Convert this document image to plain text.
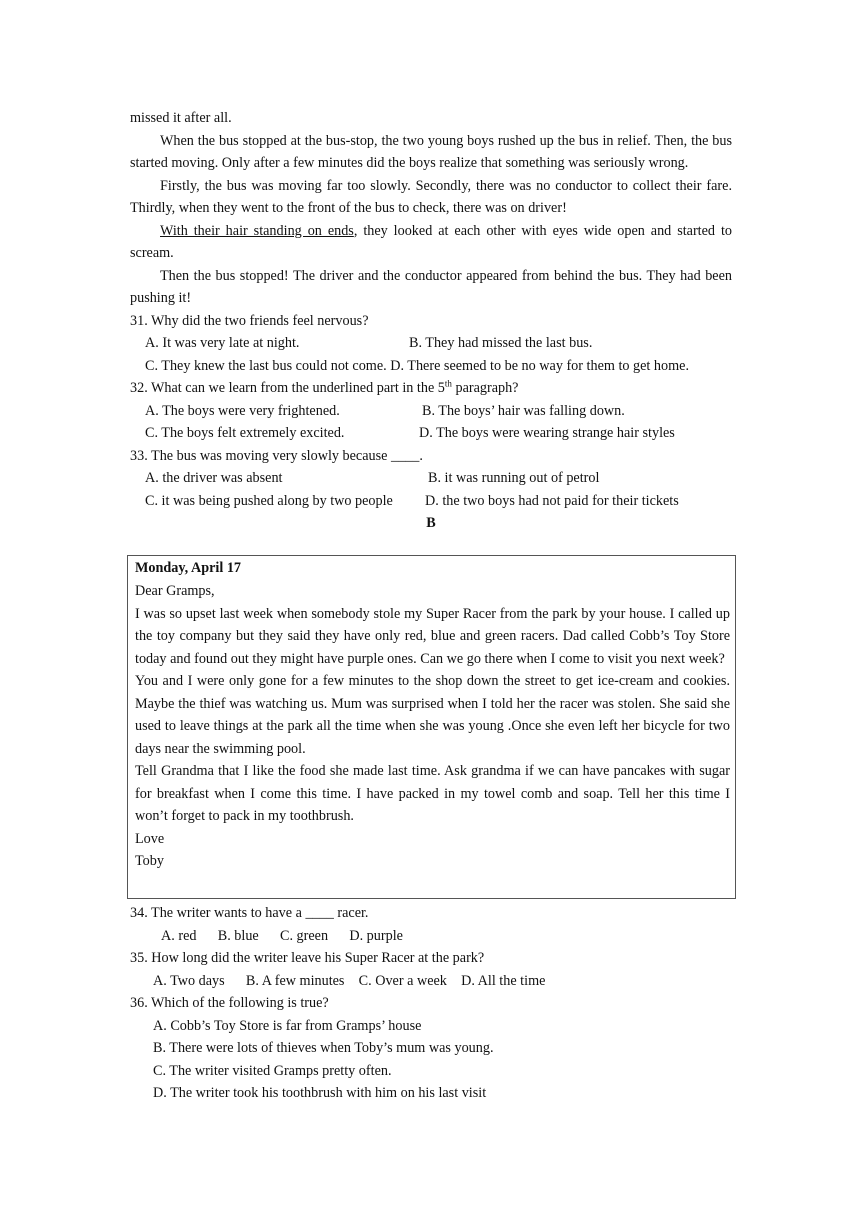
missed it after all.
When the bus stopped at the bus-stop, the two young boys rushed up the bus in relief. Then, the bus started moving. Only after a few minutes did the boys realize that something was seriously wrong.
Firstly, the bus was moving far too slowly. Secondly, there was no conductor to collect their fare. Thirdly, when they went to the front of the bus to check, there was on driver!
With their hair standing on ends, they looked at each other with eyes wide open and started to scream.
Then the bus stopped! The driver and the conductor appeared from behind the bus. They had been pushing it!
31. Why did the two friends feel nervous?
A. It was very late at night.	B. They had missed the last bus.
C. They knew the last bus could not come. D. There seemed to be no way for them to get home.
32. What can we learn from the underlined part in the 5th paragraph?
A. The boys were very frightened.	B. The boys’ hair was falling down.
C. The boys felt extremely excited.	D. The boys were wearing strange hair styles
33. The bus was moving very slowly because ____.
A. the driver was absent	B. it was running out of petrol
C. it was being pushed along by two people	D. the two boys had not paid for their tickets
B
Monday, April 17
Dear Gramps,
I was so upset last week when somebody stole my Super Racer from the park by your house. I called up the toy company but they said they have only red, blue and green racers. Dad called Cobb’s Toy Store today and found out they might have purple ones. Can we go there when I come to visit you next week?
You and I were only gone for a few minutes to the shop down the street to get ice-cream and cookies. Maybe the thief was watching us. Mum was surprised when I told her the racer was stolen. She said she used to leave things at the park all the time when she was young .Once she even left her bicycle for two days near the swimming pool.
Tell Grandma that I like the food she made last time. Ask grandma if we can have pancakes with sugar for breakfast when I come this time. I have packed in my towel comb and soap. Tell her this time I won’t forget to pack in my toothbrush.
Love
Toby
34. The writer wants to have a ____ racer.
A. red      B. blue      C. green      D. purple
35. How long did the writer leave his Super Racer at the park?
A. Two days      B. A few minutes    C. Over a week    D. All the time
36. Which of the following is true?
A. Cobb’s Toy Store is far from Gramps’ house
B. There were lots of thieves when Toby’s mum was young.
C. The writer visited Gramps pretty often.
D. The writer took his toothbrush with him on his last visit
